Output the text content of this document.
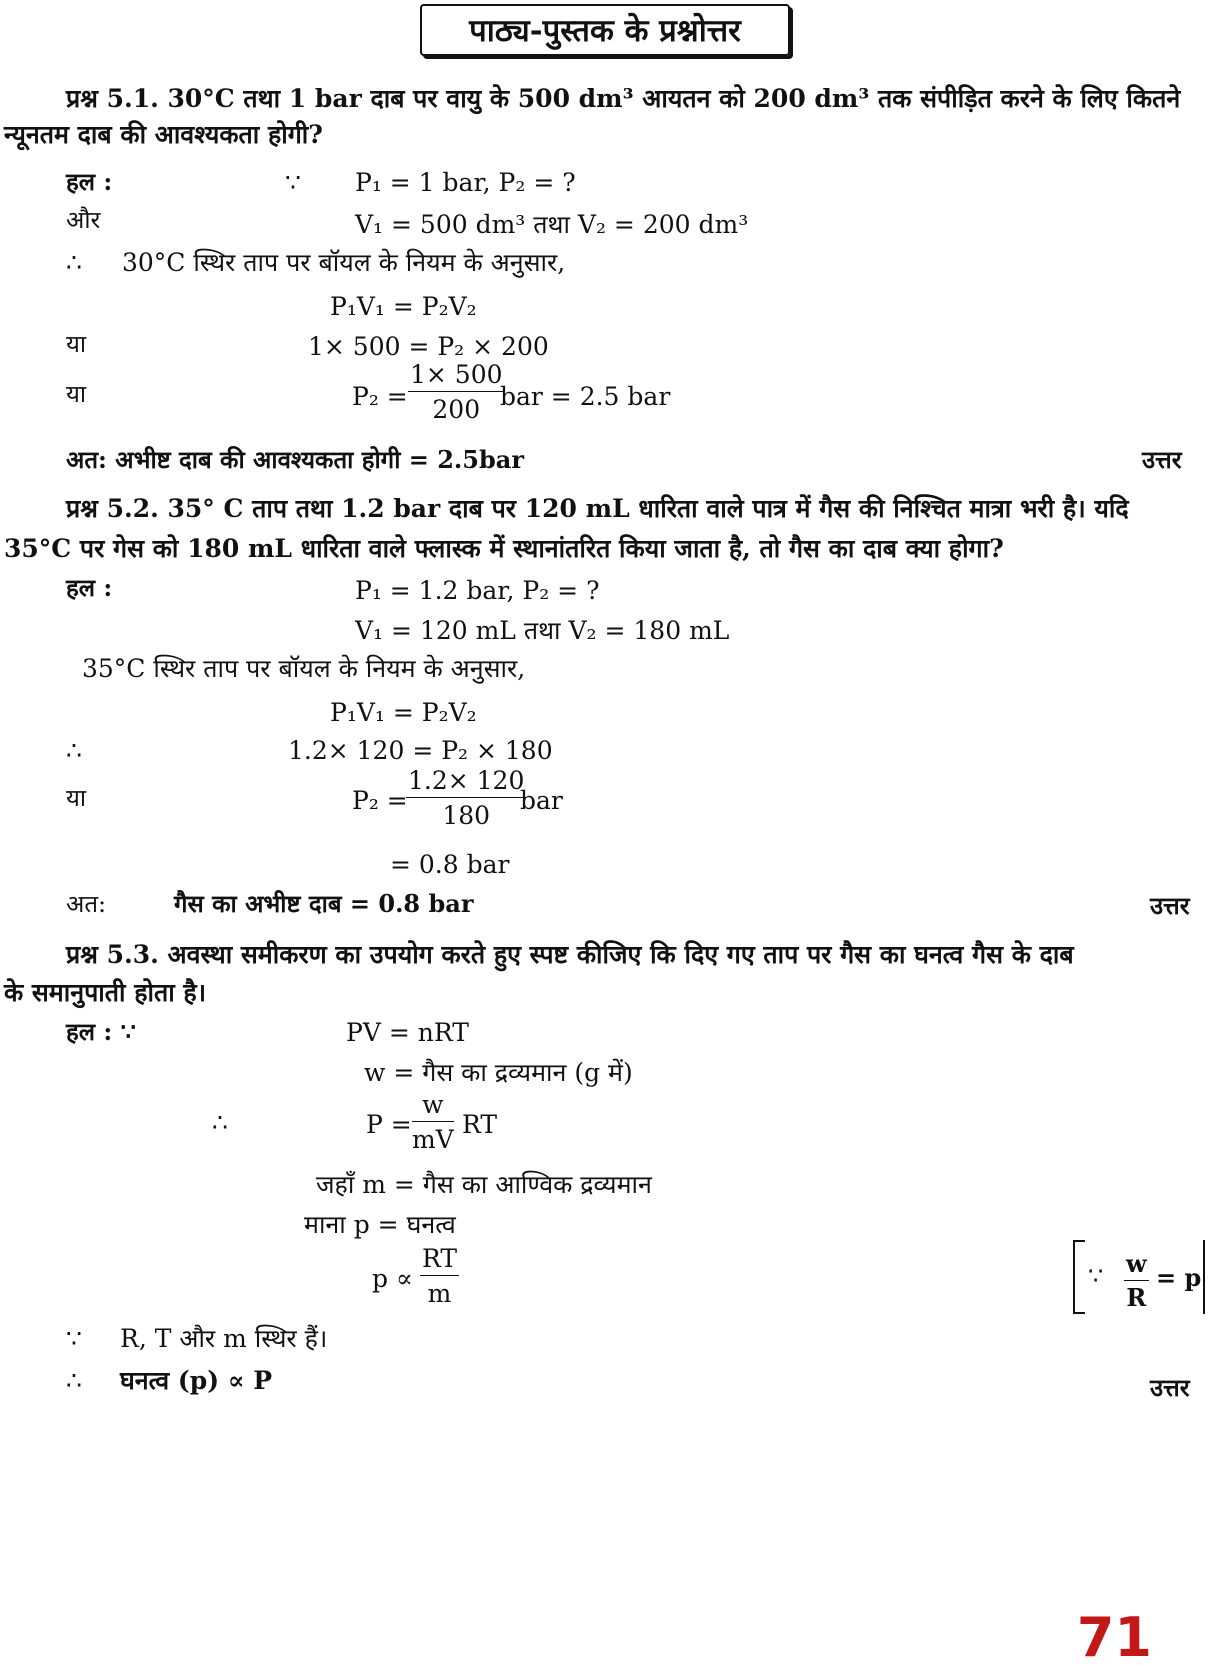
पाठ्य-पुस्तक के प्रश्नोत्तर
प्रश्न 5.1. 30°C तथा 1 bar दाब पर वायु के 500 dm³ आयतन को 200 dm³ तक संपीड़ित करने के लिए कितने
न्यूनतम दाब की आवश्यकता होगी?
हल :	∵ P₁ = 1 bar, P₂ = ?
और	V₁ = 500 dm³ तथा V₂ = 200 dm³
∴ 30°C स्थिर ताप पर बॉयल के नियम के अनुसार,
P₁V₁ = P₂V₂
या	1× 500 = P₂ × 200
या	$P_2 = \frac{1\times 500}{200}$
bar = 2.5 bar
अत: अभीष्ट दाब की आवश्यकता होगी = 2.5bar	उत्तर
प्रश्न 5.2. 35° C ताप तथा 1.2 bar दाब पर 120 mL धारिता वाले पात्र में गैस की निश्चित मात्रा भरी है। यदि
35°C पर गेस को 180 mL धारिता वाले फ्लास्क में स्थानांतरित किया जाता है, तो गैस का दाब क्या होगा?
हल :	P₁ = 1.2 bar, P₂ = ?
V₁ = 120 mL तथा V₂ = 180 mL
35°C स्थिर ताप पर बॉयल के नियम के अनुसार,
P₁V₁ = P₂V₂
∴	1.2× 120 = P₂ × 180
या	P₂ =
$\frac{1.2\times 120}{180}$
bar
= 0.8 bar
अत:	गैस का अभीष्ट दाब = 0.8 bar	उत्तर
प्रश्न 5.3. अवस्था समीकरण का उपयोग करते हुए स्पष्ट कीजिए कि दिए गए ताप पर गैस का घनत्व गैस के दाब
के समानुपाती होता है।
हल : ∵	PV = nRT
w = गैस का द्रव्यमान (g में)
∴	$P = \frac{w}{mV}$ RT
जहाँ m = गैस का आण्विक द्रव्यमान
माना p = घनत्व
$p \propto \frac{RT}{m}$	∵ $\frac{w}{R} = p$
∵ R, T और m स्थिर हैं।
∴ घनत्व (p) ∝ P	उत्तर
71
